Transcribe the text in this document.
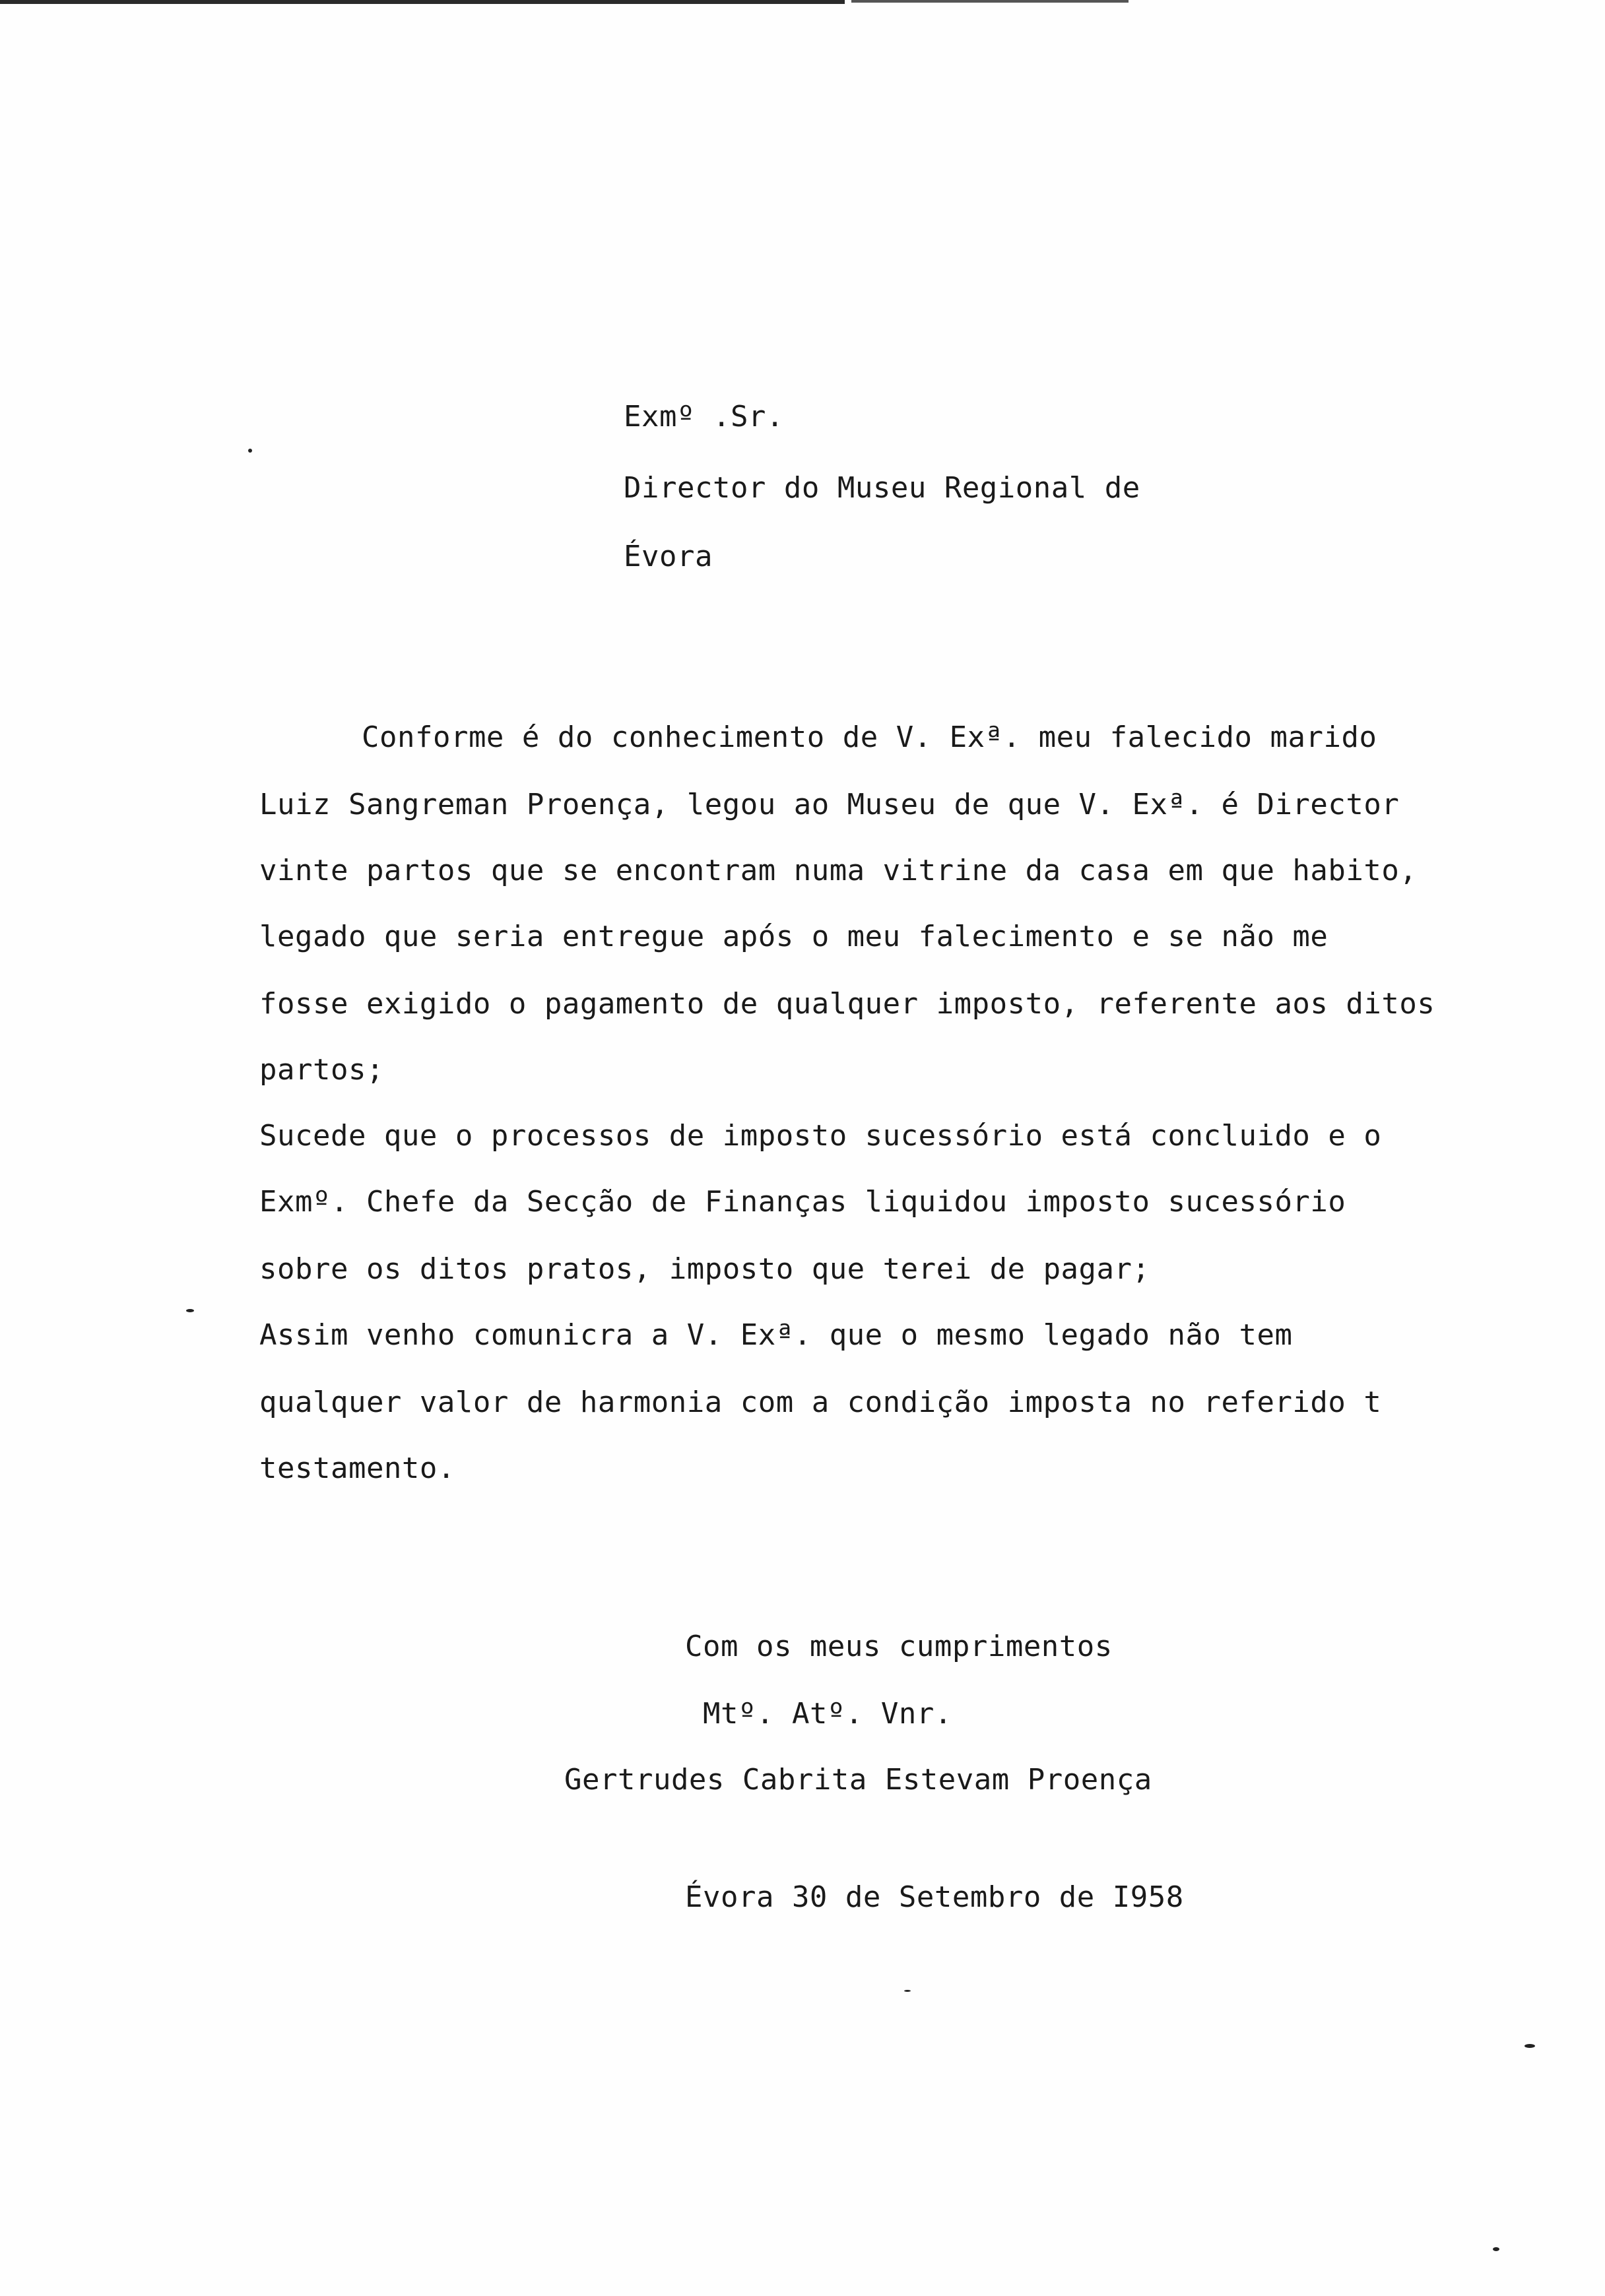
Exmº .Sr.
Director do Museu Regional de
Évora
Conforme é do conhecimento de V. Exª. meu falecido marido
Luiz Sangreman Proença, legou ao Museu de que V. Exª. é Director
vinte partos que se encontram numa vitrine da casa em que habito,
legado que seria entregue após o meu falecimento e se não me
fosse exigido o pagamento de qualquer imposto, referente aos ditos
partos;
Sucede que o processos de imposto sucessório está concluido e o
Exmº. Chefe da Secção de Finanças liquidou imposto sucessório
sobre os ditos pratos, imposto que terei de pagar;
Assim venho comunicra a V. Exª. que o mesmo legado não tem
qualquer valor de harmonia com a condição imposta no referido t
testamento.
Com os meus cumprimentos
Mtº. Atº. Vnr.
Gertrudes Cabrita Estevam Proença
Évora 30 de Setembro de I958
